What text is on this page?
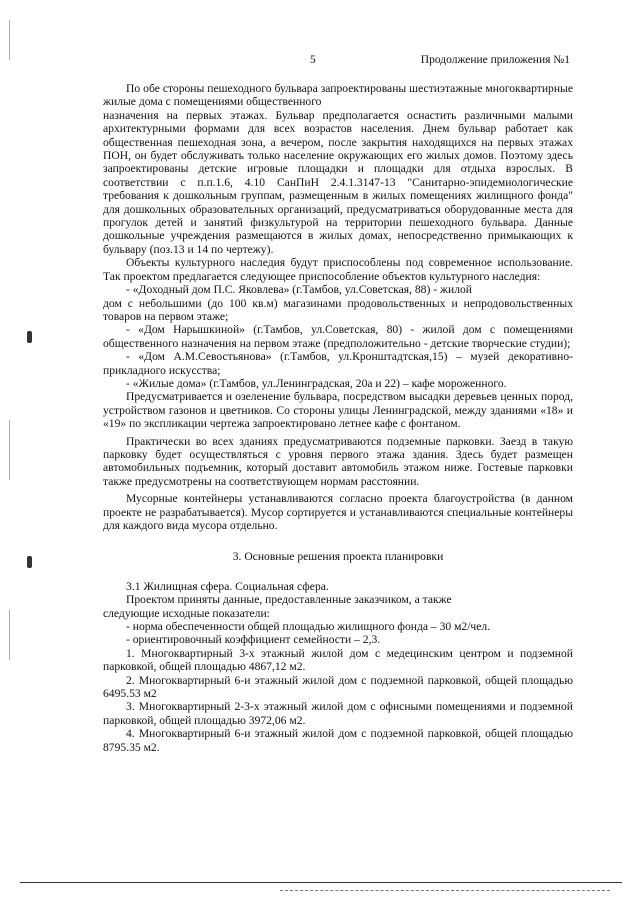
5	Продолжение приложения №1

По обе стороны пешеходного бульвара запроектированы шестиэтажные многоквартирные жилые дома с помещениями общественного

назначения на первых этажах. Бульвар предполагается оснастить различными малыми архитектурными формами для всех возрастов населения. Днем бульвар работает как общественная пешеходная зона, а вечером, после закрытия находящихся на первых этажах ПОН, он будет обслуживать только население окружающих его жилых домов. Поэтому здесь запроектированы детские игровые площадки и площадки для отдыха взрослых. В соответствии с п.п.1.6, 4.10 СанПиН 2.4.1.3147-13 "Санитарно-эпидемиологические требования к дошкольным группам, размещенным в жилых помещениях жилищного фонда" для дошкольных образовательных организаций, предусматриваться оборудованные места для прогулок детей и занятий физкультурой на территории пешеходного бульвара. Данные дошкольные учреждения размещаются в жилых домах, непосредственно примыкающих к бульвару (поз.13 и 14 по чертежу).

Объекты культурного наследия будут приспособлены под современное использование. Так проектом предлагается следующее приспособление объектов культурного наследия:

- «Доходный дом П.С. Яковлева» (г.Тамбов, ул.Советская, 88) - жилой

дом с небольшими (до 100 кв.м) магазинами продовольственных и непродовольственных товаров на первом этаже;

- «Дом Нарышкиной» (г.Тамбов, ул.Советская, 80) - жилой дом с помещениями общественного назначения на первом этаже (предположительно - детские творческие студии);

- «Дом А.М.Севостьянова» (г.Тамбов, ул.Кронштадтская,15) – музей декоративно-прикладного искусства;

- «Жилые дома» (г.Тамбов, ул.Ленинградская, 20а и 22) – кафе мороженного.

Предусматривается и озеленение бульвара, посредством высадки деревьев ценных пород, устройством газонов и цветников. Со стороны улицы Ленинградской, между зданиями «18» и «19» по экспликации чертежа запроектировано летнее кафе с фонтаном.

Практически во всех зданиях предусматриваются подземные парковки. Заезд в такую парковку будет осуществляться с уровня первого этажа здания. Здесь будет размещен автомобильных подъемник, который доставит автомобиль этажом ниже. Гостевые парковки также предусмотрены на соответствующем нормам расстоянии.

Мусорные контейнеры устанавливаются согласно проекта благоустройства (в данном проекте не разрабатывается). Мусор сортируется и устанавливаются специальные контейнеры для каждого вида мусора отдельно.

3. Основные решения проекта планировки

3.1 Жилищная сфера. Социальная сфера.

Проектом приняты данные, предоставленные заказчиком, а также

следующие исходные показатели:

- норма обеспеченности общей площадью жилищного фонда – 30 м2/чел.

- ориентировочный коэффициент семейности – 2,3.

1. Многоквартирный 3-х этажный жилой дом с медецинским центром и подземной парковкой, общей площадью 4867,12 м2.

2. Многоквартирный 6-и этажный жилой дом с подземной парковкой, общей площадью 6495.53 м2

3. Многоквартирный 2-3-х этажный жилой дом с офисными помещениями и подземной парковкой, общей площадью 3972,06 м2.

4. Многоквартирный 6-и этажный жилой дом с подземной парковкой, общей площадью 8795.35 м2.
